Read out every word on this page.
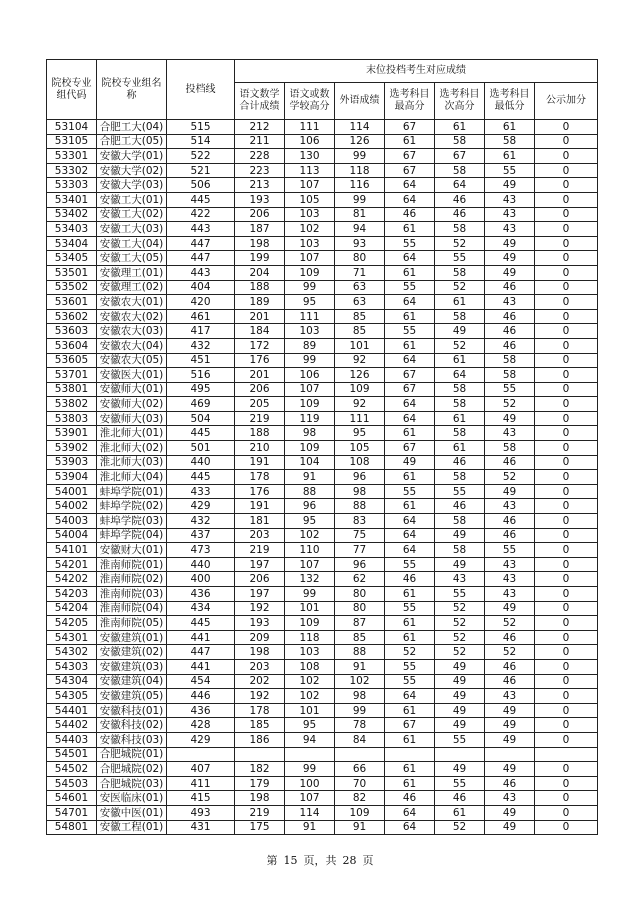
院校专业组代码	院校专业组名称	投档线	末位投档考生对应成绩						
			语文数学合计成绩	语文或数学较高分	外语成绩	选考科目最高分	选考科目次高分	选考科目最低分	公示加分
53104	合肥工大(04)	515	212	111	114	67	61	61	0
53105	合肥工大(05)	514	211	106	126	61	58	58	0
53301	安徽大学(01)	522	228	130	99	67	67	61	0
53302	安徽大学(02)	521	223	113	118	67	58	55	0
53303	安徽大学(03)	506	213	107	116	64	64	49	0
53401	安徽工大(01)	445	193	105	99	64	46	43	0
53402	安徽工大(02)	422	206	103	81	46	46	43	0
53403	安徽工大(03)	443	187	102	94	61	58	43	0
53404	安徽工大(04)	447	198	103	93	55	52	49	0
53405	安徽工大(05)	447	199	107	80	64	55	49	0
53501	安徽理工(01)	443	204	109	71	61	58	49	0
53502	安徽理工(02)	404	188	99	63	55	52	46	0
53601	安徽农大(01)	420	189	95	63	64	61	43	0
53602	安徽农大(02)	461	201	111	85	61	58	46	0
53603	安徽农大(03)	417	184	103	85	55	49	46	0
53604	安徽农大(04)	432	172	89	101	61	52	46	0
53605	安徽农大(05)	451	176	99	92	64	61	58	0
53701	安徽医大(01)	516	201	106	126	67	64	58	0
53801	安徽师大(01)	495	206	107	109	67	58	55	0
53802	安徽师大(02)	469	205	109	92	64	58	52	0
53803	安徽师大(03)	504	219	119	111	64	61	49	0
53901	淮北师大(01)	445	188	98	95	61	58	43	0
53902	淮北师大(02)	501	210	109	105	67	61	58	0
53903	淮北师大(03)	440	191	104	108	49	46	46	0
53904	淮北师大(04)	445	178	91	96	61	58	52	0
54001	蚌埠学院(01)	433	176	88	98	55	55	49	0
54002	蚌埠学院(02)	429	191	96	88	61	46	43	0
54003	蚌埠学院(03)	432	181	95	83	64	58	46	0
54004	蚌埠学院(04)	437	203	102	75	64	49	46	0
54101	安徽财大(01)	473	219	110	77	64	58	55	0
54201	淮南师院(01)	440	197	107	96	55	49	43	0
54202	淮南师院(02)	400	206	132	62	46	43	43	0
54203	淮南师院(03)	436	197	99	80	61	55	43	0
54204	淮南师院(04)	434	192	101	80	55	52	49	0
54205	淮南师院(05)	445	193	109	87	61	52	52	0
54301	安徽建筑(01)	441	209	118	85	61	52	46	0
54302	安徽建筑(02)	447	198	103	88	52	52	52	0
54303	安徽建筑(03)	441	203	108	91	55	49	46	0
54304	安徽建筑(04)	454	202	102	102	55	49	46	0
54305	安徽建筑(05)	446	192	102	98	64	49	43	0
54401	安徽科技(01)	436	178	101	99	61	49	49	0
54402	安徽科技(02)	428	185	95	78	67	49	49	0
54403	安徽科技(03)	429	186	94	84	61	55	49	0
54501	合肥城院(01)								
54502	合肥城院(02)	407	182	99	66	61	49	49	0
54503	合肥城院(03)	411	179	100	70	61	55	46	0
54601	安医临床(01)	415	198	107	82	46	46	43	0
54701	安徽中医(01)	493	219	114	109	64	61	49	0
54801	安徽工程(01)	431	175	91	91	64	52	49	0
第 15 页，共 28 页
